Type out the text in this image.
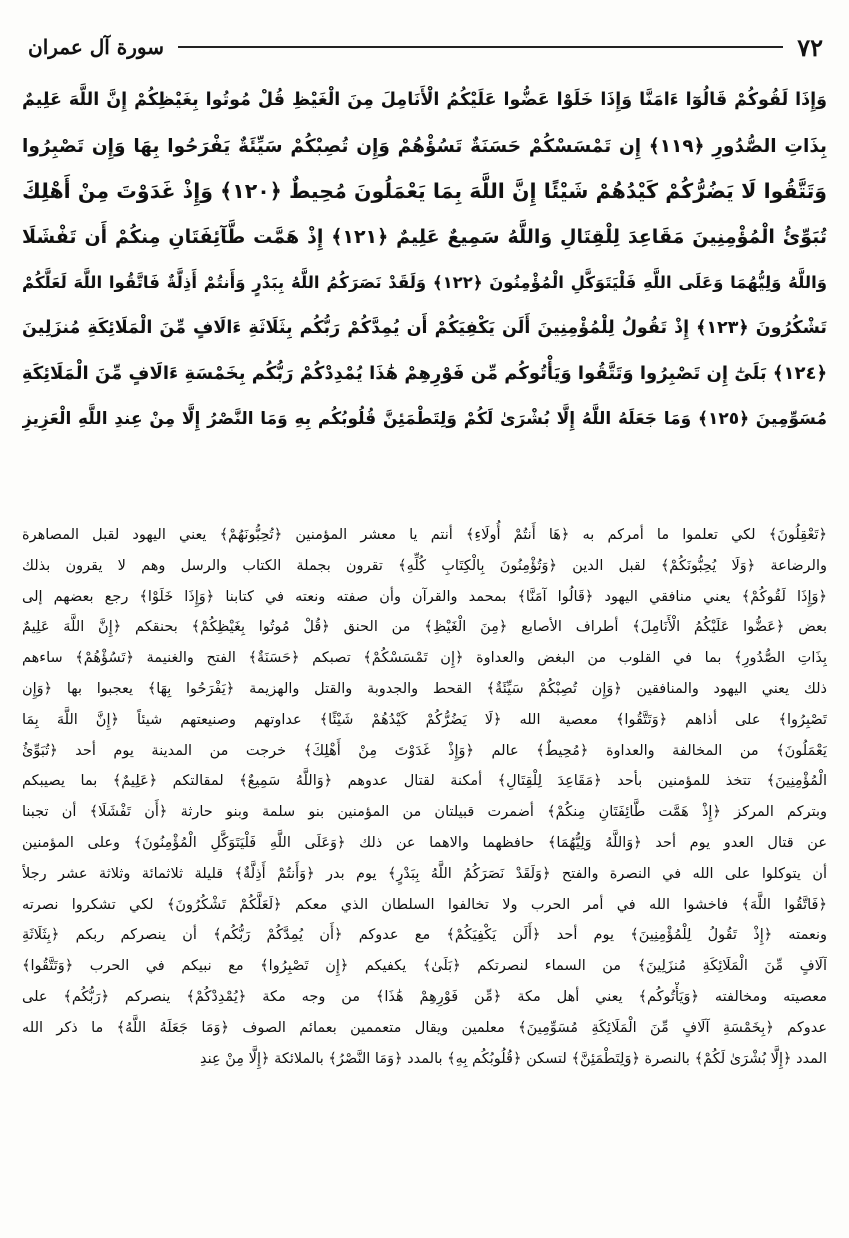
٧٢
سورة آل عمران
وَإِذَا لَقُوكُمْ قَالُوٓا ءَامَنَّا وَإِذَا خَلَوْا عَضُّوا عَلَيْكُمُ الْأَنَامِلَ مِنَ الْغَيْظِ قُلْ مُوتُوا بِغَيْظِكُمْ إِنَّ اللَّهَ عَلِيمٌ
بِذَاتِ الصُّدُورِ ﴿١١٩﴾ إِن تَمْسَسْكُمْ حَسَنَةٌ تَسُؤْهُمْ وَإِن تُصِبْكُمْ سَيِّئَةٌ يَفْرَحُوا بِهَا وَإِن تَصْبِرُوا
وَتَتَّقُوا لَا يَضُرُّكُمْ كَيْدُهُمْ شَيْئًا إِنَّ اللَّهَ بِمَا يَعْمَلُونَ مُحِيطٌ ﴿١٢٠﴾ وَإِذْ غَدَوْتَ مِنْ أَهْلِكَ
تُبَوِّئُ الْمُؤْمِنِينَ مَقَاعِدَ لِلْقِتَالِ وَاللَّهُ سَمِيعٌ عَلِيمٌ ﴿١٢١﴾ إِذْ هَمَّت طَّآئِفَتَانِ مِنكُمْ أَن تَفْشَلَا
وَاللَّهُ وَلِيُّهُمَا وَعَلَى اللَّهِ فَلْيَتَوَكَّلِ الْمُؤْمِنُونَ ﴿١٢٢﴾ وَلَقَدْ نَصَرَكُمُ اللَّهُ بِبَدْرٍ وَأَنتُمْ أَذِلَّةٌ فَاتَّقُوا اللَّهَ لَعَلَّكُمْ
تَشْكُرُونَ ﴿١٢٣﴾ إِذْ تَقُولُ لِلْمُؤْمِنِينَ أَلَن يَكْفِيَكُمْ أَن يُمِدَّكُمْ رَبُّكُم بِثَلَاثَةِ ءَالَافٍ مِّنَ الْمَلَائِكَةِ مُنزَلِينَ
﴿١٢٤﴾ بَلَىٰٓ إِن تَصْبِرُوا وَتَتَّقُوا وَيَأْتُوكُم مِّن فَوْرِهِمْ هَٰذَا يُمْدِدْكُمْ رَبُّكُم بِخَمْسَةِ ءَالَافٍ مِّنَ الْمَلَائِكَةِ
مُسَوِّمِينَ ﴿١٢٥﴾ وَمَا جَعَلَهُ اللَّهُ إِلَّا بُشْرَىٰ لَكُمْ وَلِتَطْمَئِنَّ قُلُوبُكُم بِهِ وَمَا النَّصْرُ إِلَّا مِنْ عِندِ اللَّهِ الْعَزِيزِ
﴿تَعْقِلُونَ﴾ لكي تعلموا ما أمركم به ﴿هَا أَنتُمْ أُولَاءِ﴾ أنتم يا معشر المؤمنين ﴿تُحِبُّونَهُمْ﴾ يعني اليهود لقبل المصاهرة
والرضاعة ﴿وَلَا يُحِبُّونَكُمْ﴾ لقبل الدين ﴿وَتُؤْمِنُونَ بِالْكِتَابِ كُلِّهِ﴾ تقرون بجملة الكتاب والرسل وهم لا يقرون بذلك
﴿وَإِذَا لَقُوكُمْ﴾ يعني منافقي اليهود ﴿قَالُوا آمَنَّا﴾ بمحمد والقرآن وأن صفته ونعته في كتابنا ﴿وَإِذَا خَلَوْا﴾ رجع بعضهم إلى
بعض ﴿عَضُّوا عَلَيْكُمُ الْأَنَامِلَ﴾ أطراف الأصابع ﴿مِنَ الْغَيْظِ﴾ من الحنق ﴿قُلْ مُوتُوا بِغَيْظِكُمْ﴾ بحنقكم ﴿إِنَّ اللَّهَ عَلِيمٌ
بِذَاتِ الصُّدُورِ﴾ بما في القلوب من البغض والعداوة ﴿إِن تَمْسَسْكُمْ﴾ تصبكم ﴿حَسَنَةٌ﴾ الفتح والغنيمة ﴿تَسُؤْهُمْ﴾ ساءهم
ذلك يعني اليهود والمنافقين ﴿وَإِن تُصِبْكُمْ سَيِّئَةٌ﴾ القحط والجدوبة والقتل والهزيمة ﴿يَفْرَحُوا بِهَا﴾ يعجبوا بها ﴿وَإِن
تَصْبِرُوا﴾ على أذاهم ﴿وَتَتَّقُوا﴾ معصية الله ﴿لَا يَضُرُّكُمْ كَيْدُهُمْ شَيْئًا﴾ عداوتهم وصنيعتهم شيئاً ﴿إِنَّ اللَّهَ بِمَا
يَعْمَلُونَ﴾ من المخالفة والعداوة ﴿مُحِيطٌ﴾ عالم ﴿وَإِذْ غَدَوْتَ مِنْ أَهْلِكَ﴾ خرجت من المدينة يوم أحد ﴿تُبَوِّئُ
الْمُؤْمِنِينَ﴾ تتخذ للمؤمنين بأحد ﴿مَقَاعِدَ لِلْقِتَالِ﴾ أمكنة لقتال عدوهم ﴿وَاللَّهُ سَمِيعٌ﴾ لمقالتكم ﴿عَلِيمٌ﴾ بما يصيبكم
وبتركم المركز ﴿إِذْ هَمَّت طَّائِفَتَانِ مِنكُمْ﴾ أضمرت قبيلتان من المؤمنين بنو سلمة وبنو حارثة ﴿أَن تَفْشَلَا﴾ أن تجبنا
عن قتال العدو يوم أحد ﴿وَاللَّهُ وَلِيُّهُمَا﴾ حافظهما والاهما عن ذلك ﴿وَعَلَى اللَّهِ فَلْيَتَوَكَّلِ الْمُؤْمِنُونَ﴾ وعلى المؤمنين
أن يتوكلوا على الله في النصرة والفتح ﴿وَلَقَدْ نَصَرَكُمُ اللَّهُ بِبَدْرٍ﴾ يوم بدر ﴿وَأَنتُمْ أَذِلَّةٌ﴾ قليلة ثلاثمائة وثلاثة عشر رجلاً
﴿فَاتَّقُوا اللَّهَ﴾ فاخشوا الله في أمر الحرب ولا تخالفوا السلطان الذي معكم ﴿لَعَلَّكُمْ تَشْكُرُونَ﴾ لكي تشكروا نصرته
ونعمته ﴿إِذْ تَقُولُ لِلْمُؤْمِنِينَ﴾ يوم أحد ﴿أَلَن يَكْفِيَكُمْ﴾ مع عدوكم ﴿أَن يُمِدَّكُمْ رَبُّكُم﴾ أن ينصركم ربكم ﴿بِثَلَاثَةِ
آلَافٍ مِّنَ الْمَلَائِكَةِ مُنزَلِينَ﴾ من السماء لنصرتكم ﴿بَلَىٰ﴾ يكفيكم ﴿إِن تَصْبِرُوا﴾ مع نبيكم في الحرب ﴿وَتَتَّقُوا﴾
معصيته ومخالفته ﴿وَيَأْتُوكُم﴾ يعني أهل مكة ﴿مِّن فَوْرِهِمْ هَٰذَا﴾ من وجه مكة ﴿يُمْدِدْكُمْ﴾ ينصركم ﴿رَبُّكُم﴾ على
عدوكم ﴿بِخَمْسَةِ آلَافٍ مِّنَ الْمَلَائِكَةِ مُسَوِّمِينَ﴾ معلمين ويقال متعممين بعمائم الصوف ﴿وَمَا جَعَلَهُ اللَّهُ﴾ ما ذكر الله
المدد ﴿إِلَّا بُشْرَىٰ لَكُمْ﴾ بالنصرة ﴿وَلِتَطْمَئِنَّ﴾ لتسكن ﴿قُلُوبُكُم بِهِ﴾ بالمدد ﴿وَمَا النَّصْرُ﴾ بالملائكة ﴿إِلَّا مِنْ عِندِ
